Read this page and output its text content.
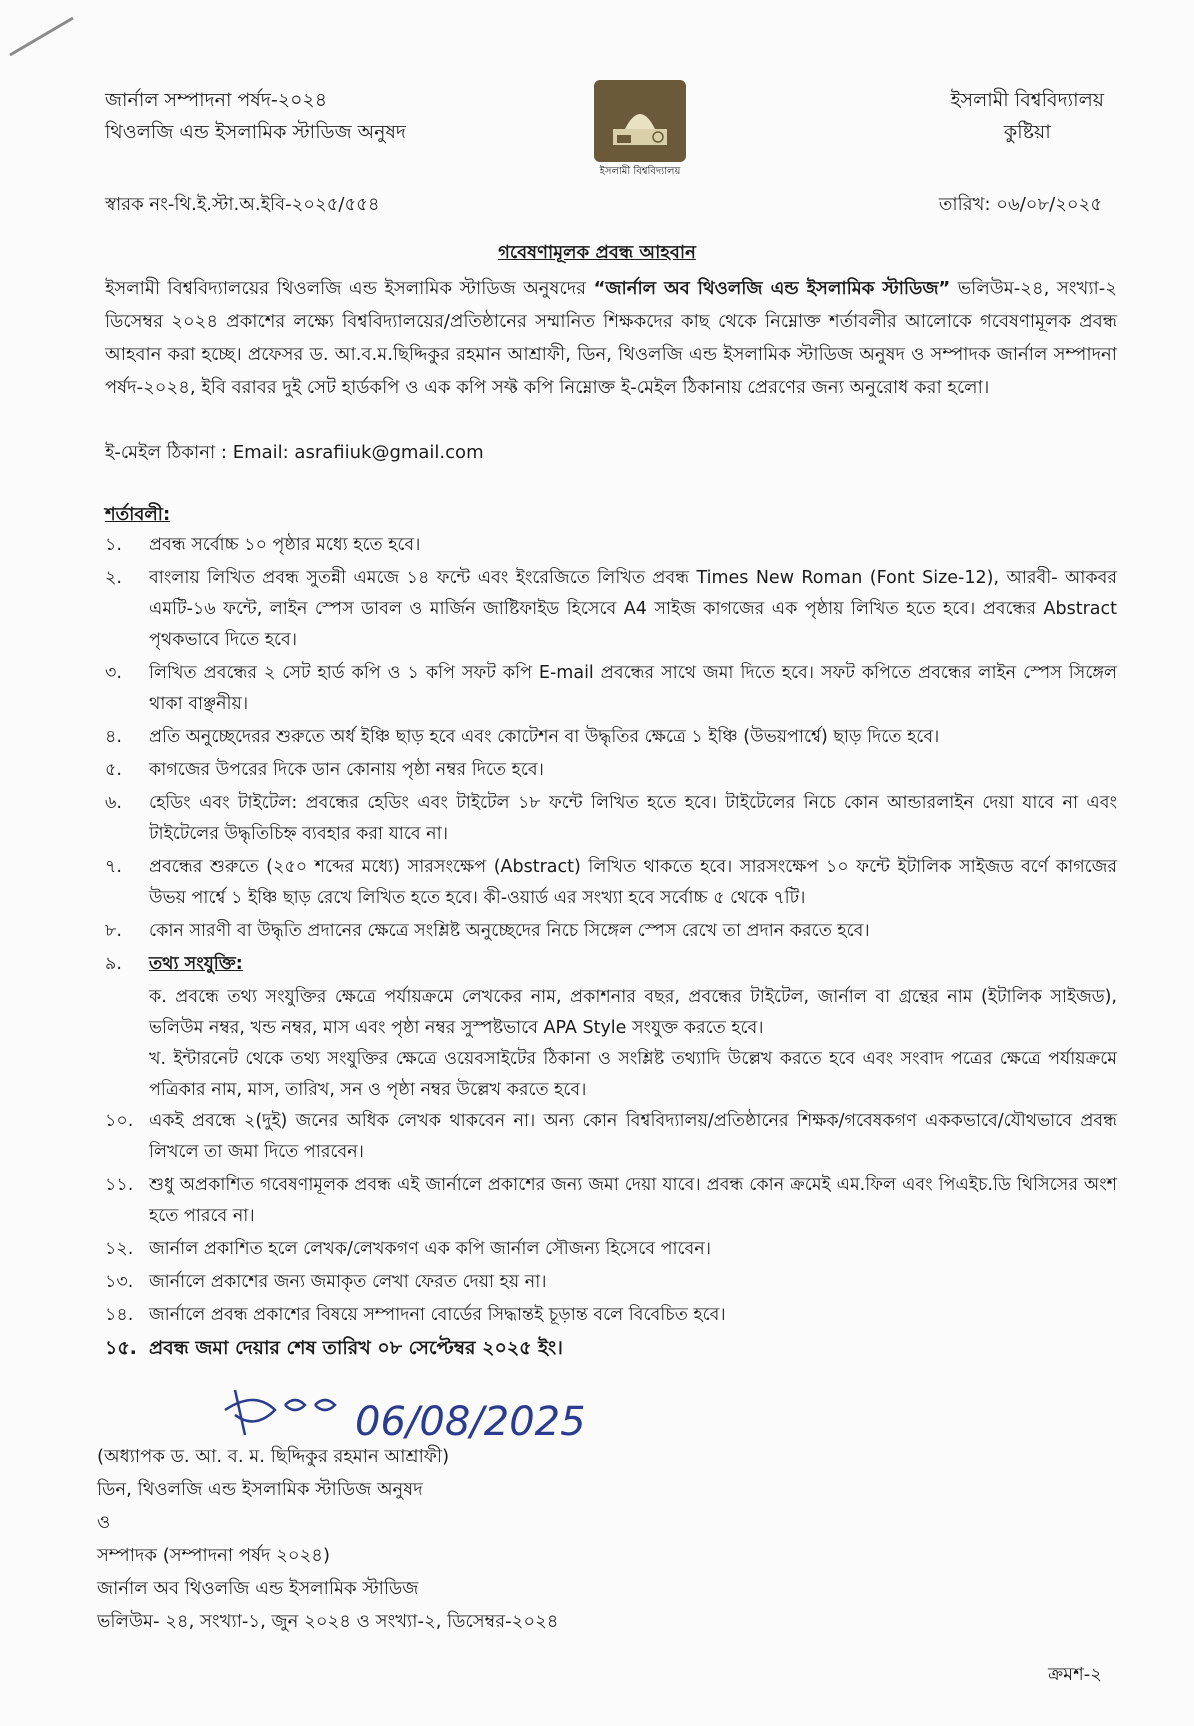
জার্নাল সম্পাদনা পর্ষদ-২০২৪
থিওলজি এন্ড ইসলামিক স্টাডিজ অনুষদ
ইসলামী বিশ্ববিদ্যালয়
ইসলামী বিশ্ববিদ্যালয়
কুষ্টিয়া
স্বারক নং-থি.ই.স্টা.অ.ইবি-২০২৫/৫৫৪	তারিখ: ০৬/০৮/২০২৫
গবেষণামূলক প্রবন্ধ আহবান
ইসলামী বিশ্ববিদ্যালয়ের থিওলজি এন্ড ইসলামিক স্টাডিজ অনুষদের “জার্নাল অব থিওলজি এন্ড ইসলামিক স্টাডিজ” ভলিউম-২৪, সংখ্যা-২ ডিসেম্বর ২০২৪ প্রকাশের লক্ষ্যে বিশ্ববিদ্যালয়ের/প্রতিষ্ঠানের সম্মানিত শিক্ষকদের কাছ থেকে নিম্নোক্ত শর্তাবলীর আলোকে গবেষণামূলক প্রবন্ধ আহবান করা হচ্ছে। প্রফেসর ড. আ.ব.ম.ছিদ্দিকুর রহমান আশ্রাফী, ডিন, থিওলজি এন্ড ইসলামিক স্টাডিজ অনুষদ ও সম্পাদক জার্নাল সম্পাদনা পর্ষদ-২০২৪, ইবি বরাবর দুই সেট হার্ডকপি ও এক কপি সফ্ট কপি নিম্নোক্ত ই-মেইল ঠিকানায় প্রেরণের জন্য অনুরোধ করা হলো।
ই-মেইল ঠিকানা : Email: asrafiiuk@gmail.com
শর্তাবলী:
১.	প্রবন্ধ সর্বোচ্চ ১০ পৃষ্ঠার মধ্যে হতে হবে।
২.	বাংলায় লিখিত প্রবন্ধ সুতন্নী এমজে ১৪ ফন্টে এবং ইংরেজিতে লিখিত প্রবন্ধ Times New Roman (Font Size-12), আরবী- আকবর এমটি-১৬ ফন্টে, লাইন স্পেস ডাবল ও মার্জিন জাষ্টিফাইড হিসেবে A4 সাইজ কাগজের এক পৃষ্ঠায় লিখিত হতে হবে। প্রবন্ধের Abstract পৃথকভাবে দিতে হবে।
৩.	লিখিত প্রবন্ধের ২ সেট হার্ড কপি ও ১ কপি সফট কপি E-mail প্রবন্ধের সাথে জমা দিতে হবে। সফট কপিতে প্রবন্ধের লাইন স্পেস সিঙ্গেল থাকা বাঞ্ছনীয়।
৪.	প্রতি অনুচ্ছেদেরর শুরুতে অর্ধ ইঞ্চি ছাড় হবে এবং কোটেশন বা উদ্ধৃতির ক্ষেত্রে ১ ইঞ্চি (উভয়পার্শ্বে) ছাড় দিতে হবে।
৫.	কাগজের উপরের দিকে ডান কোনায় পৃষ্ঠা নম্বর দিতে হবে।
৬.	হেডিং এবং টাইটেল: প্রবন্ধের হেডিং এবং টাইটেল ১৮ ফন্টে লিখিত হতে হবে। টাইটেলের নিচে কোন আন্ডারলাইন দেয়া যাবে না এবং টাইটেলের উদ্ধৃতিচিহ্ন ব্যবহার করা যাবে না।
৭.	প্রবন্ধের শুরুতে (২৫০ শব্দের মধ্যে) সারসংক্ষেপ (Abstract) লিখিত থাকতে হবে। সারসংক্ষেপ ১০ ফন্টে ইটালিক সাইজড বর্ণে কাগজের উভয় পার্শ্বে ১ ইঞ্চি ছাড় রেখে লিখিত হতে হবে। কী-ওয়ার্ড এর সংখ্যা হবে সর্বোচ্চ ৫ থেকে ৭টি।
৮.	কোন সারণী বা উদ্ধৃতি প্রদানের ক্ষেত্রে সংশ্লিষ্ট অনুচ্ছেদের নিচে সিঙ্গেল স্পেস রেখে তা প্রদান করতে হবে।
৯.	তথ্য সংযুক্তি:
ক. প্রবন্ধে তথ্য সংযুক্তির ক্ষেত্রে পর্যায়ক্রমে লেখকের নাম, প্রকাশনার বছর, প্রবন্ধের টাইটেল, জার্নাল বা গ্রন্থের নাম (ইটালিক সাইজড), ভলিউম নম্বর, খন্ড নম্বর, মাস এবং পৃষ্ঠা নম্বর সুস্পষ্টভাবে APA Style সংযুক্ত করতে হবে।
খ. ইন্টারনেট থেকে তথ্য সংযুক্তির ক্ষেত্রে ওয়েবসাইটের ঠিকানা ও সংশ্লিষ্ট তথ্যাদি উল্লেখ করতে হবে এবং সংবাদ পত্রের ক্ষেত্রে পর্যায়ক্রমে পত্রিকার নাম, মাস, তারিখ, সন ও পৃষ্ঠা নম্বর উল্লেখ করতে হবে।
১০. একই প্রবন্ধে ২(দুই) জনের অধিক লেখক থাকবেন না। অন্য কোন বিশ্ববিদ্যালয়/প্রতিষ্ঠানের শিক্ষক/গবেষকগণ এককভাবে/যৌথভাবে প্রবন্ধ লিখলে তা জমা দিতে পারবেন।
১১. শুধু অপ্রকাশিত গবেষণামূলক প্রবন্ধ এই জার্নালে প্রকাশের জন্য জমা দেয়া যাবে। প্রবন্ধ কোন ক্রমেই এম.ফিল এবং পিএইচ.ডি থিসিসের অংশ হতে পারবে না।
১২. জার্নাল প্রকাশিত হলে লেখক/লেখকগণ এক কপি জার্নাল সৌজন্য হিসেবে পাবেন।
১৩. জার্নালে প্রকাশের জন্য জমাকৃত লেখা ফেরত দেয়া হয় না।
১৪. জার্নালে প্রবন্ধ প্রকাশের বিষয়ে সম্পাদনা বোর্ডের সিদ্ধান্তই চূড়ান্ত বলে বিবেচিত হবে।
১৫. প্রবন্ধ জমা দেয়ার শেষ তারিখ ০৮ সেপ্টেম্বর ২০২৫ ইং।
06/08/2025
(অধ্যাপক ড. আ. ব. ম. ছিদ্দিকুর রহমান আশ্রাফী)
ডিন, থিওলজি এন্ড ইসলামিক স্টাডিজ অনুষদ
ও
সম্পাদক (সম্পাদনা পর্ষদ ২০২৪)
জার্নাল অব থিওলজি এন্ড ইসলামিক স্টাডিজ
ভলিউম- ২৪, সংখ্যা-১, জুন ২০২৪ ও সংখ্যা-২, ডিসেম্বর-২০২৪
ক্রমশ-২
